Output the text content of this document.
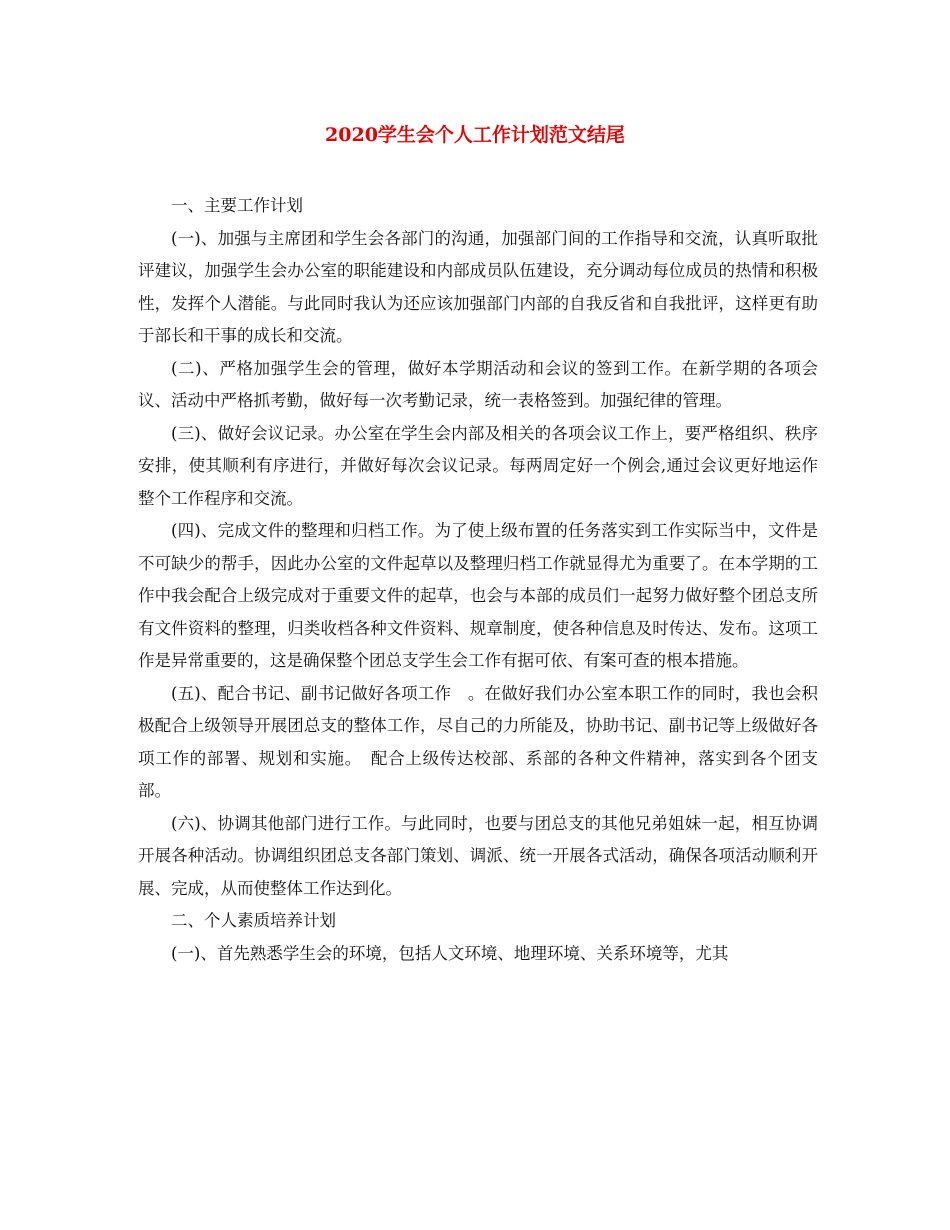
2020学生会个人工作计划范文结尾

一、主要工作计划

(一)、加强与主席团和学生会各部门的沟通，加强部门间的工作指导和交流，认真听取批评建议，加强学生会办公室的职能建设和内部成员队伍建设，充分调动每位成员的热情和积极性，发挥个人潜能。与此同时我认为还应该加强部门内部的自我反省和自我批评，这样更有助于部长和干事的成长和交流。

(二)、严格加强学生会的管理，做好本学期活动和会议的签到工作。在新学期的各项会议、活动中严格抓考勤，做好每一次考勤记录，统一表格签到。加强纪律的管理。

(三)、做好会议记录。办公室在学生会内部及相关的各项会议工作上，要严格组织、秩序安排，使其顺利有序进行，并做好每次会议记录。每两周定好一个例会,通过会议更好地运作整个工作程序和交流。

(四)、完成文件的整理和归档工作。为了使上级布置的任务落实到工作实际当中，文件是不可缺少的帮手，因此办公室的文件起草以及整理归档工作就显得尤为重要了。在本学期的工作中我会配合上级完成对于重要文件的起草，也会与本部的成员们一起努力做好整个团总支所有文件资料的整理，归类收档各种文件资料、规章制度，使各种信息及时传达、发布。这项工作是异常重要的，这是确保整个团总支学生会工作有据可依、有案可查的根本措施。

(五)、配合书记、副书记做好各项工作　。在做好我们办公室本职工作的同时，我也会积极配合上级领导开展团总支的整体工作，尽自己的力所能及，协助书记、副书记等上级做好各项工作的部署、规划和实施。　配合上级传达校部、系部的各种文件精神，落实到各个团支部。

(六)、协调其他部门进行工作。与此同时，也要与团总支的其他兄弟姐妹一起，相互协调开展各种活动。协调组织团总支各部门策划、调派、统一开展各式活动，确保各项活动顺利开展、完成，从而使整体工作达到化。

二、个人素质培养计划

(一)、首先熟悉学生会的环境，包括人文环境、地理环境、关系环境等，尤其
